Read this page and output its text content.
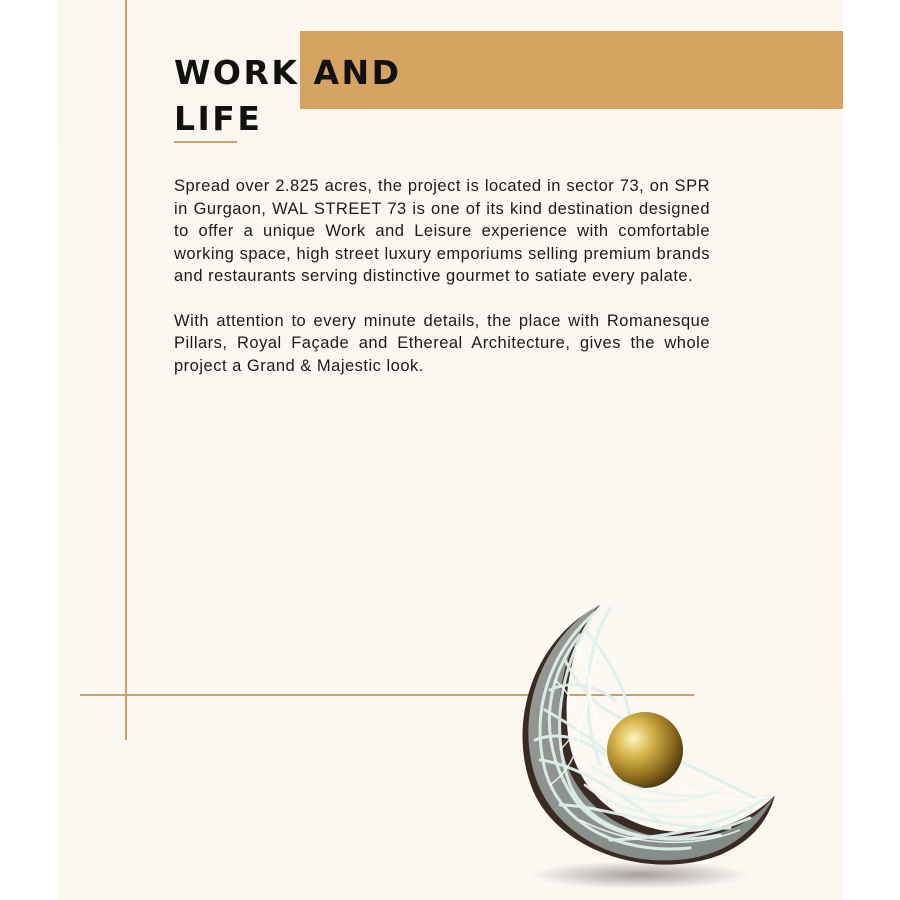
WORK AND
LIFE

Spread over 2.825 acres, the project is located in sector 73, on SPR in Gurgaon, WAL STREET 73 is one of its kind destination designed to offer a unique Work and Leisure experience with comfortable working space, high street luxury emporiums selling premium brands and restaurants serving distinctive gourmet to satiate every palate.

With attention to every minute details, the place with Romanesque Pillars, Royal Façade and Ethereal Architecture, gives the whole project a Grand & Majestic look.
